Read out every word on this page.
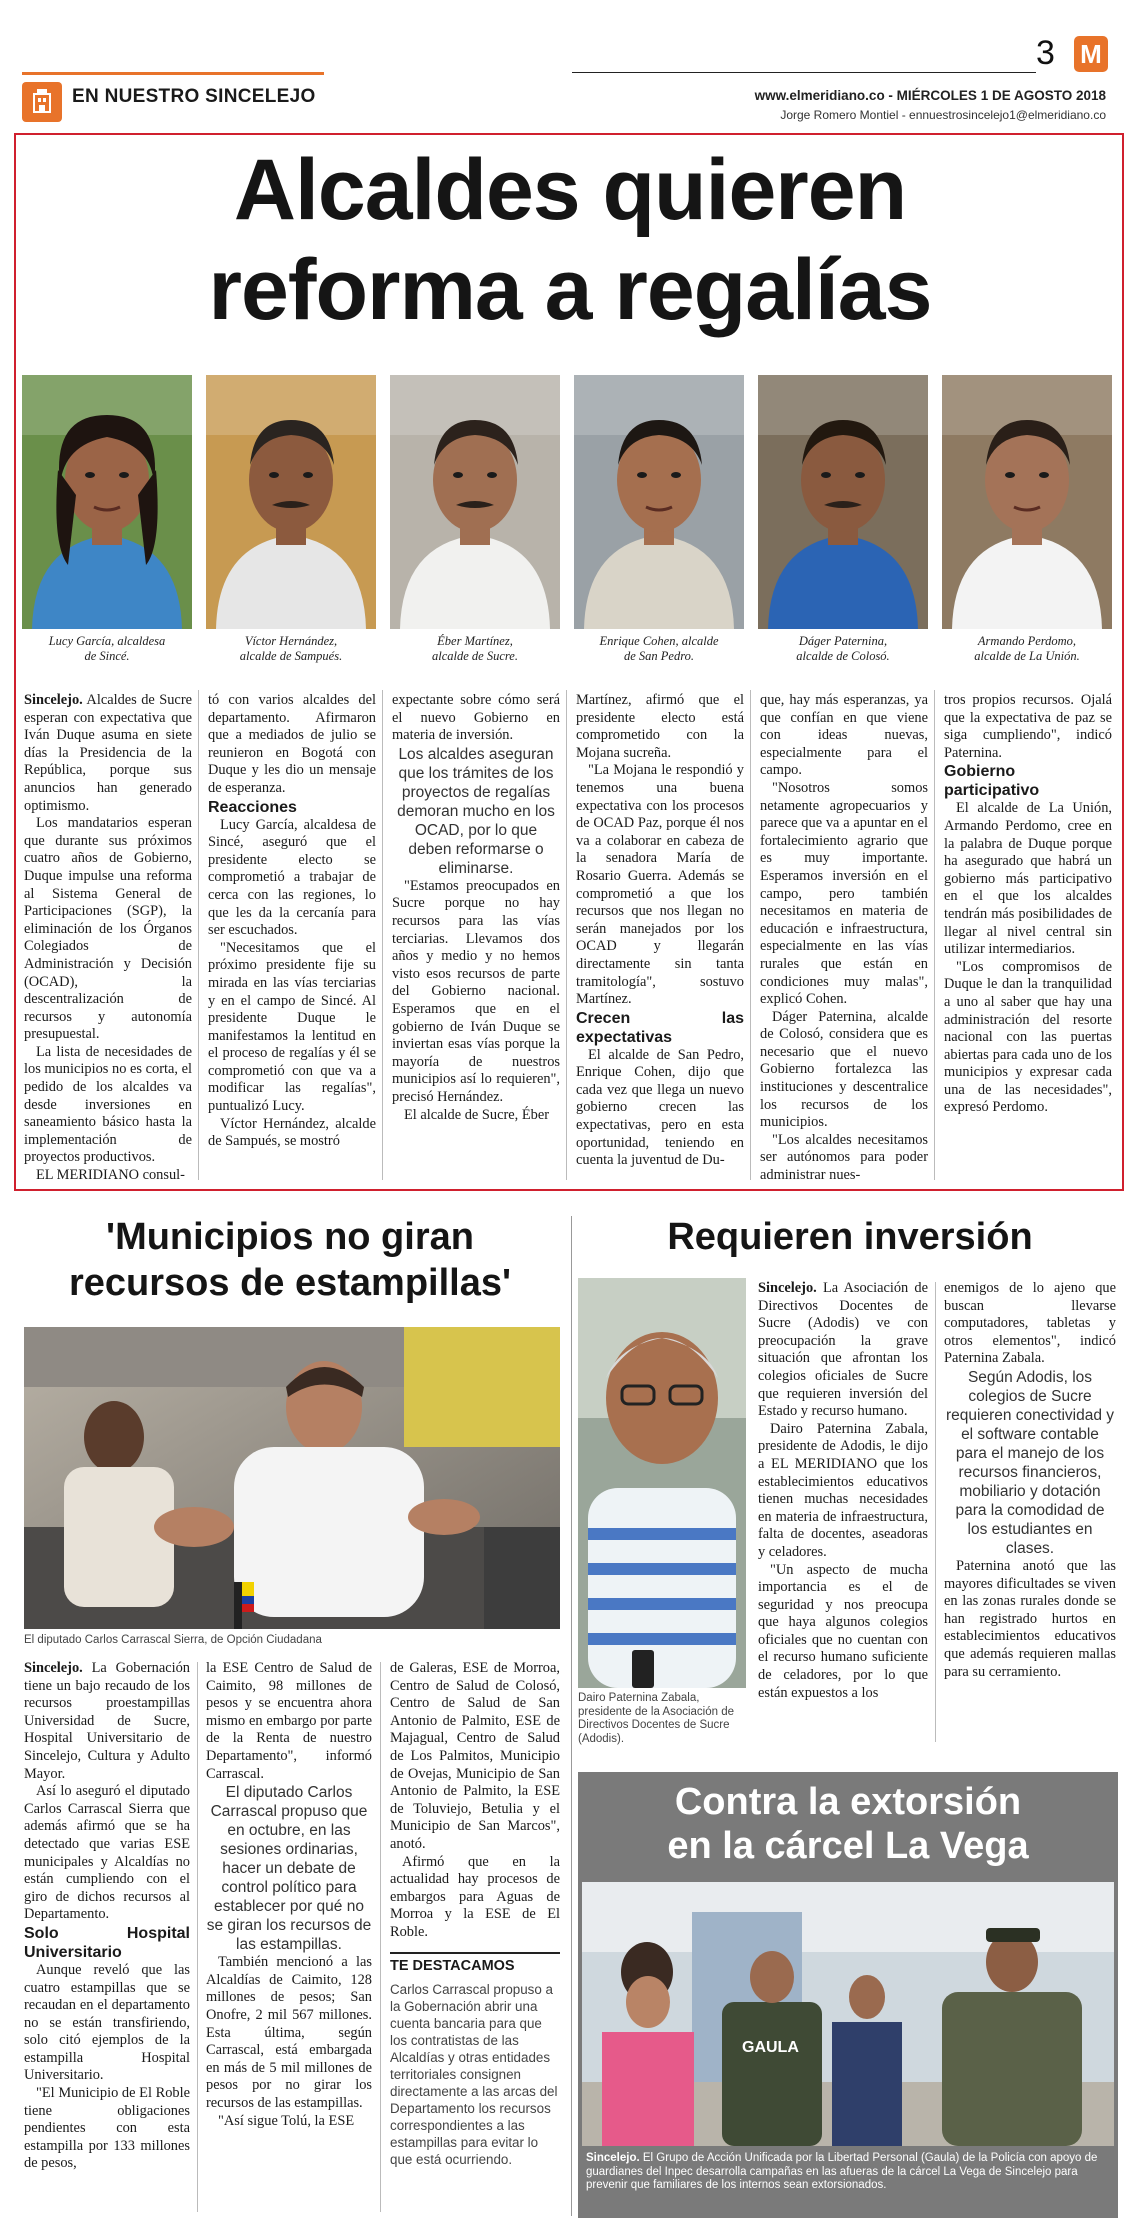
EN NUESTRO SINCELEJO
3 M
www.elmeridiano.co - MIÉRCOLES 1 DE AGOSTO 2018
Jorge Romero Montiel - ennuestrosincelejo1@elmeridiano.co
Alcaldes quieren
reforma a regalías
Lucy García, alcaldesa
de Sincé.
Víctor Hernández,
alcalde de Sampués.
Éber Martínez,
alcalde de Sucre.
Enrique Cohen, alcalde
de San Pedro.
Dáger Paternina,
alcalde de Colosó.
Armando Perdomo,
alcalde de La Unión.

Sincelejo. Alcaldes de Sucre esperan con expectativa que Iván Duque asuma en siete días la Presidencia de la República, porque sus anuncios han generado optimismo.

Los mandatarios esperan que durante sus próximos cuatro años de Gobierno, Duque impulse una reforma al Sistema General de Participaciones (SGP), la eliminación de los Órganos Colegiados de Administración y Decisión (OCAD), la descentralización de recursos y autonomía presupuestal.

La lista de necesidades de los municipios no es corta, el pedido de los alcaldes va desde inversiones en saneamiento básico hasta la implementación de proyectos productivos.

EL MERIDIANO consul-

tó con varios alcaldes del departamento. Afirmaron que a mediados de julio se reunieron en Bogotá con Duque y les dio un mensaje de esperanza.

Reacciones

Lucy García, alcaldesa de Sincé, aseguró que el presidente electo se comprometió a trabajar de cerca con las regiones, lo que les da la cercanía para ser escuchados.

"Necesitamos que el próximo presidente fije su mirada en las vías terciarias y en el campo de Sincé. Al presidente Duque le manifestamos la lentitud en el proceso de regalías y él se comprometió con que va a modificar las regalías", puntualizó Lucy.

Víctor Hernández, alcalde de Sampués, se mostró

expectante sobre cómo será el nuevo Gobierno en materia de inversión.

Los alcaldes aseguran que los trámites de los proyectos de regalías demoran mucho en los OCAD, por lo que deben reformarse o eliminarse.

"Estamos preocupados en Sucre porque no hay recursos para las vías terciarias. Llevamos dos años y medio y no hemos visto esos recursos de parte del Gobierno nacional. Esperamos que en el gobierno de Iván Duque se inviertan esas vías porque la mayoría de nuestros municipios así lo requieren", precisó Hernández.

El alcalde de Sucre, Éber

Martínez, afirmó que el presidente electo está comprometido con la Mojana sucreña.

"La Mojana le respondió y tenemos una buena expectativa con los procesos de OCAD Paz, porque él nos va a colaborar en cabeza de la senadora María de Rosario Guerra. Además se comprometió a que los recursos que nos llegan no serán manejados por los OCAD y llegarán directamente sin tanta tramitología", sostuvo Martínez.

Crecen las expectativas

El alcalde de San Pedro, Enrique Cohen, dijo que cada vez que llega un nuevo gobierno crecen las expectativas, pero en esta oportunidad, teniendo en cuenta la juventud de Du-

que, hay más esperanzas, ya que confían en que viene con ideas nuevas, especialmente para el campo.

"Nosotros somos netamente agropecuarios y parece que va a apuntar en el fortalecimiento agrario que es muy importante. Esperamos inversión en el campo, pero también necesitamos en materia de educación e infraestructura, especialmente en las vías rurales que están en condiciones muy malas", explicó Cohen.

Dáger Paternina, alcalde de Colosó, considera que es necesario que el nuevo Gobierno fortalezca las instituciones y descentralice los recursos de los municipios.

"Los alcaldes necesitamos ser autónomos para poder administrar nues-

tros propios recursos. Ojalá que la expectativa de paz se siga cumpliendo", indicó Paternina.

Gobierno participativo

El alcalde de La Unión, Armando Perdomo, cree en la palabra de Duque porque ha asegurado que habrá un gobierno más participativo en el que los alcaldes tendrán más posibilidades de llegar al nivel central sin utilizar intermediarios.

"Los compromisos de Duque le dan la tranquilidad a uno al saber que hay una administración del resorte nacional con las puertas abiertas para cada uno de los municipios y expresar cada una de las necesidades", expresó Perdomo.

'Municipios no giran
recursos de estampillas'
El diputado Carlos Carrascal Sierra, de Opción Ciudadana

Sincelejo. La Gobernación tiene un bajo recaudo de los recursos proestampillas Universidad de Sucre, Hospital Universitario de Sincelejo, Cultura y Adulto Mayor.

Así lo aseguró el diputado Carlos Carrascal Sierra que además afirmó que se ha detectado que varias ESE municipales y Alcaldías no están cumpliendo con el giro de dichos recursos al Departamento.

Solo Hospital Universitario

Aunque reveló que las cuatro estampillas que se recaudan en el departamento no se están transfiriendo, solo citó ejemplos de la estampilla Hospital Universitario.

"El Municipio de El Roble tiene obligaciones pendientes con esta estampilla por 133 millones de pesos,

la ESE Centro de Salud de Caimito, 98 millones de pesos y se encuentra ahora mismo en embargo por parte de la Renta de nuestro Departamento", informó Carrascal.

El diputado Carlos Carrascal propuso que en octubre, en las sesiones ordinarias, hacer un debate de control político para establecer por qué no se giran los recursos de las estampillas.

También mencionó a las Alcaldías de Caimito, 128 millones de pesos; San Onofre, 2 mil 567 millones. Esta última, según Carrascal, está embargada en más de 5 mil millones de pesos por no girar los recursos de las estampillas.

"Así sigue Tolú, la ESE

de Galeras, ESE de Morroa, Centro de Salud de Colosó, Centro de Salud de San Antonio de Palmito, ESE de Majagual, Centro de Salud de Los Palmitos, Municipio de Ovejas, Municipio de San Antonio de Palmito, la ESE de Toluviejo, Betulia y el Municipio de San Marcos", anotó.

Afirmó que en la actualidad hay procesos de embargos para Aguas de Morroa y la ESE de El Roble.

TE DESTACAMOS
Carlos Carrascal propuso a la Gobernación abrir una cuenta bancaria para que los contratistas de las Alcaldías y otras entidades territoriales consignen directamente a las arcas del Departamento los recursos correspondientes a las estampillas para evitar lo que está ocurriendo.
Requieren inversión
Dairo Paternina Zabala, presidente de la Asociación de Directivos Docentes de Sucre (Adodis).

Sincelejo. La Asociación de Directivos Docentes de Sucre (Adodis) ve con preocupación la grave situación que afrontan los colegios oficiales de Sucre que requieren inversión del Estado y recurso humano.

Dairo Paternina Zabala, presidente de Adodis, le dijo a EL MERIDIANO que los establecimientos educativos tienen muchas necesidades en materia de infraestructura, falta de docentes, aseadoras y celadores.

"Un aspecto de mucha importancia es el de seguridad y nos preocupa que haya algunos colegios oficiales que no cuentan con el recurso humano suficiente de celadores, por lo que están expuestos a los

enemigos de lo ajeno que buscan llevarse computadores, tabletas y otros elementos", indicó Paternina Zabala.

Según Adodis, los colegios de Sucre requieren conectividad y el software contable para el manejo de los recursos financieros, mobiliario y dotación para la comodidad de los estudiantes en clases.

Paternina anotó que las mayores dificultades se viven en las zonas rurales donde se han registrado hurtos en establecimientos educativos que además requieren mallas para su cerramiento.

Contra la extorsión
en la cárcel La Vega
GAULA
Sincelejo. El Grupo de Acción Unificada por la Libertad Personal (Gaula) de la Policía con apoyo de guardianes del Inpec desarrolla campañas en las afueras de la cárcel La Vega de Sincelejo para prevenir que familiares de los internos sean extorsionados.
